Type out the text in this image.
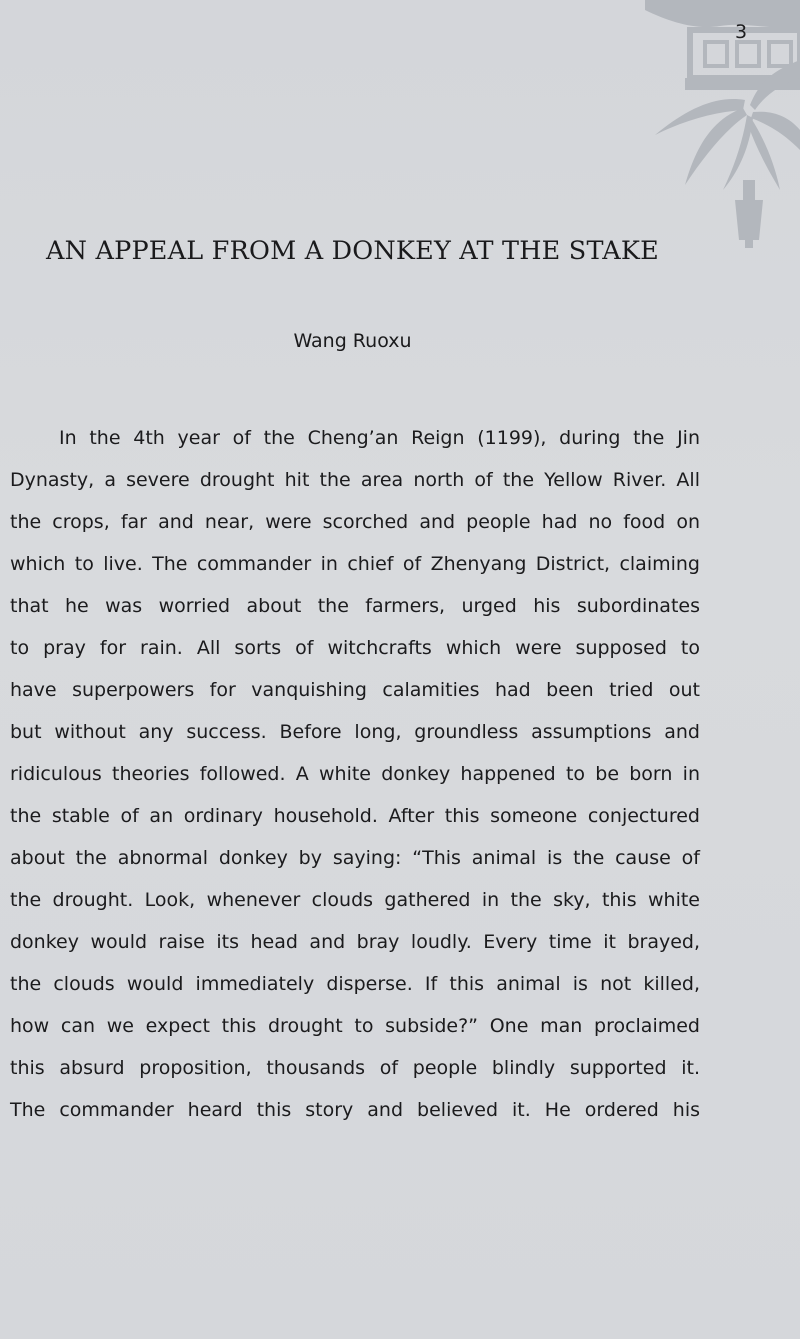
3
AN APPEAL FROM A DONKEY AT THE STAKE
Wang Ruoxu
In the 4th year of the Cheng’an Reign (1199), during the Jin
Dynasty, a severe drought hit the area north of the Yellow River. All
the crops, far and near, were scorched and people had no food on
which to live. The commander in chief of Zhenyang District, claiming
that he was worried about the farmers, urged his subordinates
to pray for rain. All sorts of witchcrafts which were supposed to
have superpowers for vanquishing calamities had been tried out
but without any success. Before long, groundless assumptions and
ridiculous theories followed. A white donkey happened to be born in
the stable of an ordinary household. After this someone conjectured
about the abnormal donkey by saying: “This animal is the cause of
the drought. Look, whenever clouds gathered in the sky, this white
donkey would raise its head and bray loudly. Every time it brayed,
the clouds would immediately disperse. If this animal is not killed,
how can we expect this drought to subside?” One man proclaimed
this absurd proposition, thousands of people blindly supported it.
The commander heard this story and believed it. He ordered his
